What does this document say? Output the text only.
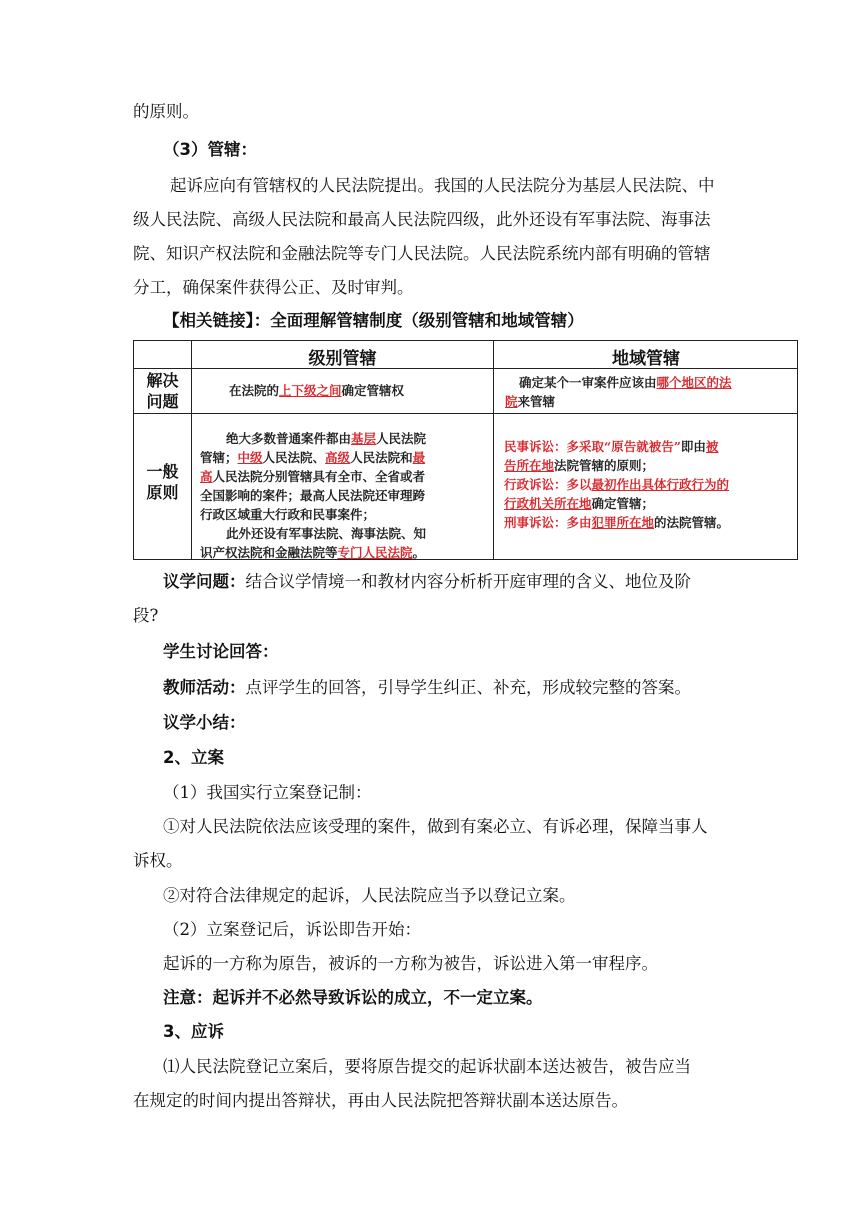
的原则。
（3）管辖：
起诉应向有管辖权的人民法院提出。我国的人民法院分为基层人民法院、中
级人民法院、高级人民法院和最高人民法院四级，此外还设有军事法院、海事法
院、知识产权法院和金融法院等专门人民法院。人民法院系统内部有明确的管辖
分工，确保案件获得公正、及时审判。
【相关链接】：全面理解管辖制度（级别管辖和地域管辖）
级别管辖	地域管辖
解决
问题
一般
原则
在法院的上下级之间确定管辖权
确定某个一审案件应该由哪个地区的法
院来管辖
绝大多数普通案件都由基层人民法院
管辖；中级人民法院、高级人民法院和最
高人民法院分别管辖具有全市、全省或者
全国影响的案件；最高人民法院还审理跨
行政区域重大行政和民事案件；
此外还设有军事法院、海事法院、知
识产权法院和金融法院等专门人民法院。
民事诉讼：多采取“原告就被告”即由被
告所在地法院管辖的原则；
行政诉讼：多以最初作出具体行政行为的
行政机关所在地确定管辖；
刑事诉讼：多由犯罪所在地的法院管辖。
议学问题：结合议学情境一和教材内容分析析开庭审理的含义、地位及阶
段?
学生讨论回答：
教师活动：点评学生的回答，引导学生纠正、补充，形成较完整的答案。
议学小结：
2、立案
（1）我国实行立案登记制：
①对人民法院依法应该受理的案件，做到有案必立、有诉必理，保障当事人
诉权。
②对符合法律规定的起诉，人民法院应当予以登记立案。
（2）立案登记后，诉讼即告开始：
起诉的一方称为原告，被诉的一方称为被告，诉讼进入第一审程序。
注意：起诉并不必然导致诉讼的成立，不一定立案。
3、应诉
⑴人民法院登记立案后，要将原告提交的起诉状副本送达被告，被告应当
在规定的时间内提出答辩状，再由人民法院把答辩状副本送达原告。
